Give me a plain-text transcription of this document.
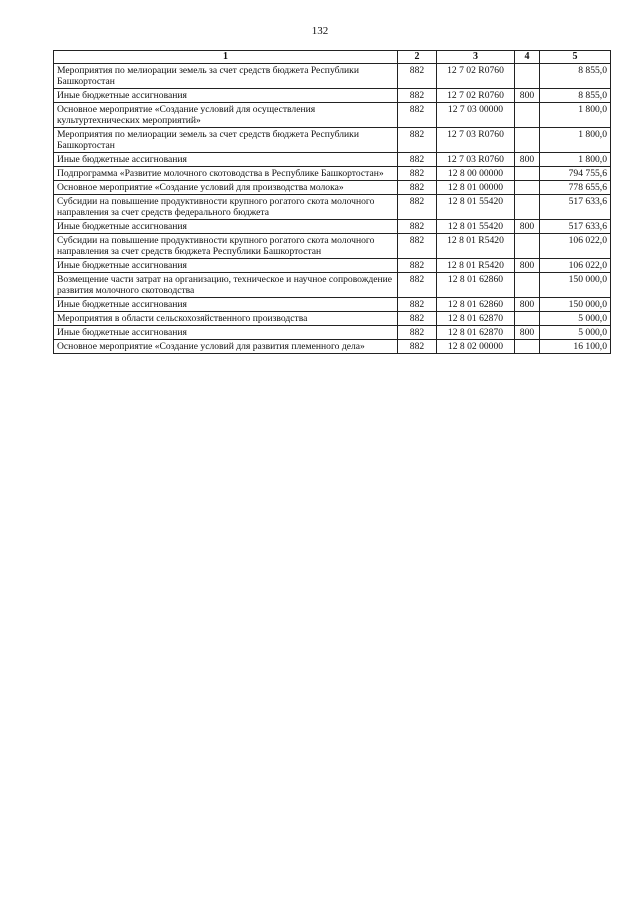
132
1	2	3	4	5
Мероприятия по мелиорации земель за счет средств бюджета Республики Башкортостан	882	12 7 02 R0760		8 855,0
Иные бюджетные ассигнования	882	12 7 02 R0760	800	8 855,0
Основное мероприятие «Создание условий для осуществления культуртехнических мероприятий»	882	12 7 03 00000		1 800,0
Мероприятия по мелиорации земель за счет средств бюджета Республики Башкортостан	882	12 7 03 R0760		1 800,0
Иные бюджетные ассигнования	882	12 7 03 R0760	800	1 800,0
Подпрограмма «Развитие молочного скотоводства в Республике Башкортостан»	882	12 8 00 00000		794 755,6
Основное мероприятие «Создание условий для производства молока»	882	12 8 01 00000		778 655,6
Субсидии на повышение продуктивности крупного рогатого скота молочного направления за счет средств федерального бюджета	882	12 8 01 55420		517 633,6
Иные бюджетные ассигнования	882	12 8 01 55420	800	517 633,6
Субсидии на повышение продуктивности крупного рогатого скота молочного направления за счет средств бюджета Республики Башкортостан	882	12 8 01 R5420		106 022,0
Иные бюджетные ассигнования	882	12 8 01 R5420	800	106 022,0
Возмещение части затрат на организацию, техническое и научное сопровождение развития молочного скотоводства	882	12 8 01 62860		150 000,0
Иные бюджетные ассигнования	882	12 8 01 62860	800	150 000,0
Мероприятия в области сельскохозяйственного производства	882	12 8 01 62870		5 000,0
Иные бюджетные ассигнования	882	12 8 01 62870	800	5 000,0
Основное мероприятие «Создание условий для развития племенного дела»	882	12 8 02 00000		16 100,0
